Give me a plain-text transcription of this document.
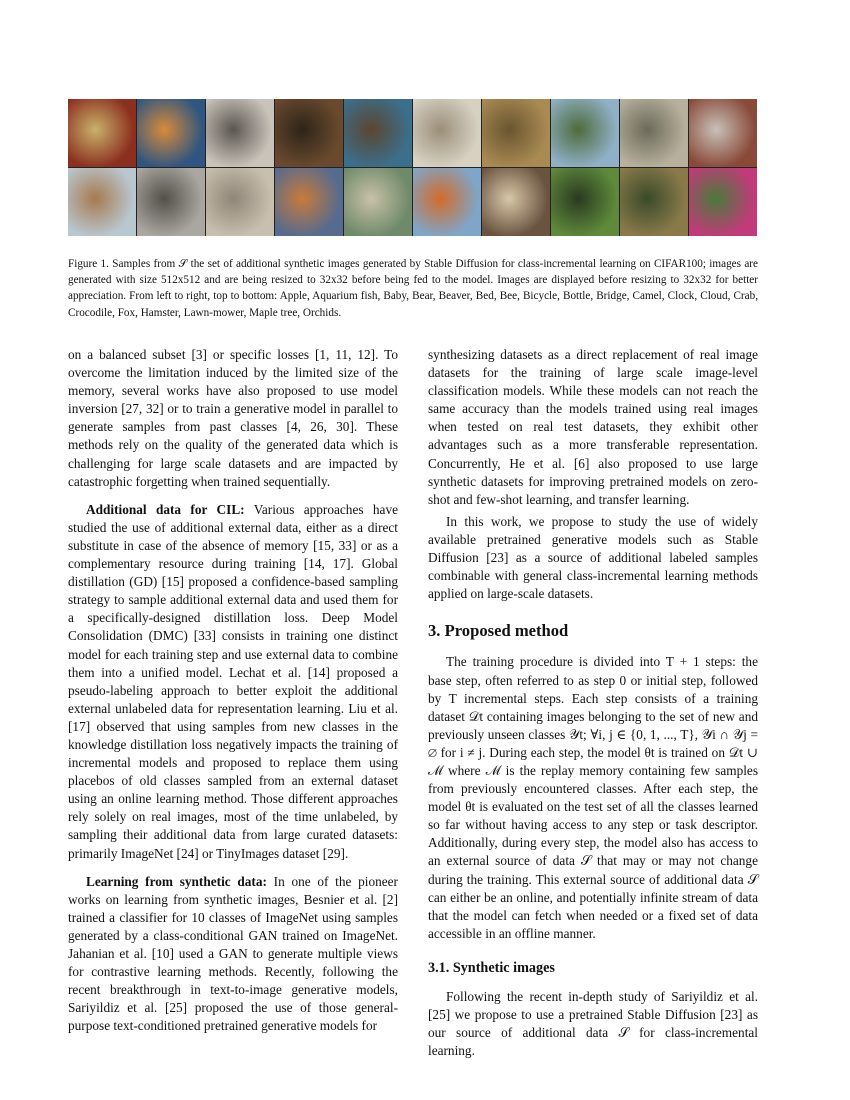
Figure 1. Samples from 𝒮 the set of additional synthetic images generated by Stable Diffusion for class-incremental learning on CIFAR100; images are generated with size 512x512 and are being resized to 32x32 before being fed to the model. Images are displayed before resizing to 32x32 for better appreciation. From left to right, top to bottom: Apple, Aquarium fish, Baby, Bear, Beaver, Bed, Bee, Bicycle, Bottle, Bridge, Camel, Clock, Cloud, Crab, Crocodile, Fox, Hamster, Lawn-mower, Maple tree, Orchids.

on a balanced subset [3] or specific losses [1, 11, 12]. To overcome the limitation induced by the limited size of the memory, several works have also proposed to use model inversion [27, 32] or to train a generative model in parallel to generate samples from past classes [4, 26, 30]. These methods rely on the quality of the generated data which is challenging for large scale datasets and are impacted by catastrophic forgetting when trained sequentially.

Additional data for CIL: Various approaches have studied the use of additional external data, either as a direct substitute in case of the absence of memory [15, 33] or as a complementary resource during training [14, 17]. Global distillation (GD) [15] proposed a confidence-based sampling strategy to sample additional external data and used them for a specifically-designed distillation loss. Deep Model Consolidation (DMC) [33] consists in training one distinct model for each training step and use external data to combine them into a unified model. Lechat et al. [14] proposed a pseudo-labeling approach to better exploit the additional external unlabeled data for representation learning. Liu et al. [17] observed that using samples from new classes in the knowledge distillation loss negatively impacts the training of incremental models and proposed to replace them using placebos of old classes sampled from an external dataset using an online learning method. Those different approaches rely solely on real images, most of the time unlabeled, by sampling their additional data from large curated datasets: primarily ImageNet [24] or TinyImages dataset [29].

Learning from synthetic data: In one of the pioneer works on learning from synthetic images, Besnier et al. [2] trained a classifier for 10 classes of ImageNet using samples generated by a class-conditional GAN trained on ImageNet. Jahanian et al. [10] used a GAN to generate multiple views for contrastive learning methods. Recently, following the recent breakthrough in text-to-image generative models, Sariyildiz et al. [25] proposed the use of those general-purpose text-conditioned pretrained generative models for

synthesizing datasets as a direct replacement of real image datasets for the training of large scale image-level classification models. While these models can not reach the same accuracy than the models trained using real images when tested on real test datasets, they exhibit other advantages such as a more transferable representation. Concurrently, He et al. [6] also proposed to use large synthetic datasets for improving pretrained models on zero-shot and few-shot learning, and transfer learning.

In this work, we propose to study the use of widely available pretrained generative models such as Stable Diffusion [23] as a source of additional labeled samples combinable with general class-incremental learning methods applied on large-scale datasets.

3. Proposed method

The training procedure is divided into T + 1 steps: the base step, often referred to as step 0 or initial step, followed by T incremental steps. Each step consists of a training dataset 𝒟t containing images belonging to the set of new and previously unseen classes 𝒴t; ∀i, j ∈ {0, 1, ..., T}, 𝒴i ∩ 𝒴j = ∅ for i ≠ j. During each step, the model θt is trained on 𝒟t ∪ ℳ where ℳ is the replay memory containing few samples from previously encountered classes. After each step, the model θt is evaluated on the test set of all the classes learned so far without having access to any step or task descriptor. Additionally, during every step, the model also has access to an external source of data 𝒮 that may or may not change during the training. This external source of additional data 𝒮 can either be an online, and potentially infinite stream of data that the model can fetch when needed or a fixed set of data accessible in an offline manner.

3.1. Synthetic images

Following the recent in-depth study of Sariyildiz et al. [25] we propose to use a pretrained Stable Diffusion [23] as our source of additional data 𝒮 for class-incremental learning.
